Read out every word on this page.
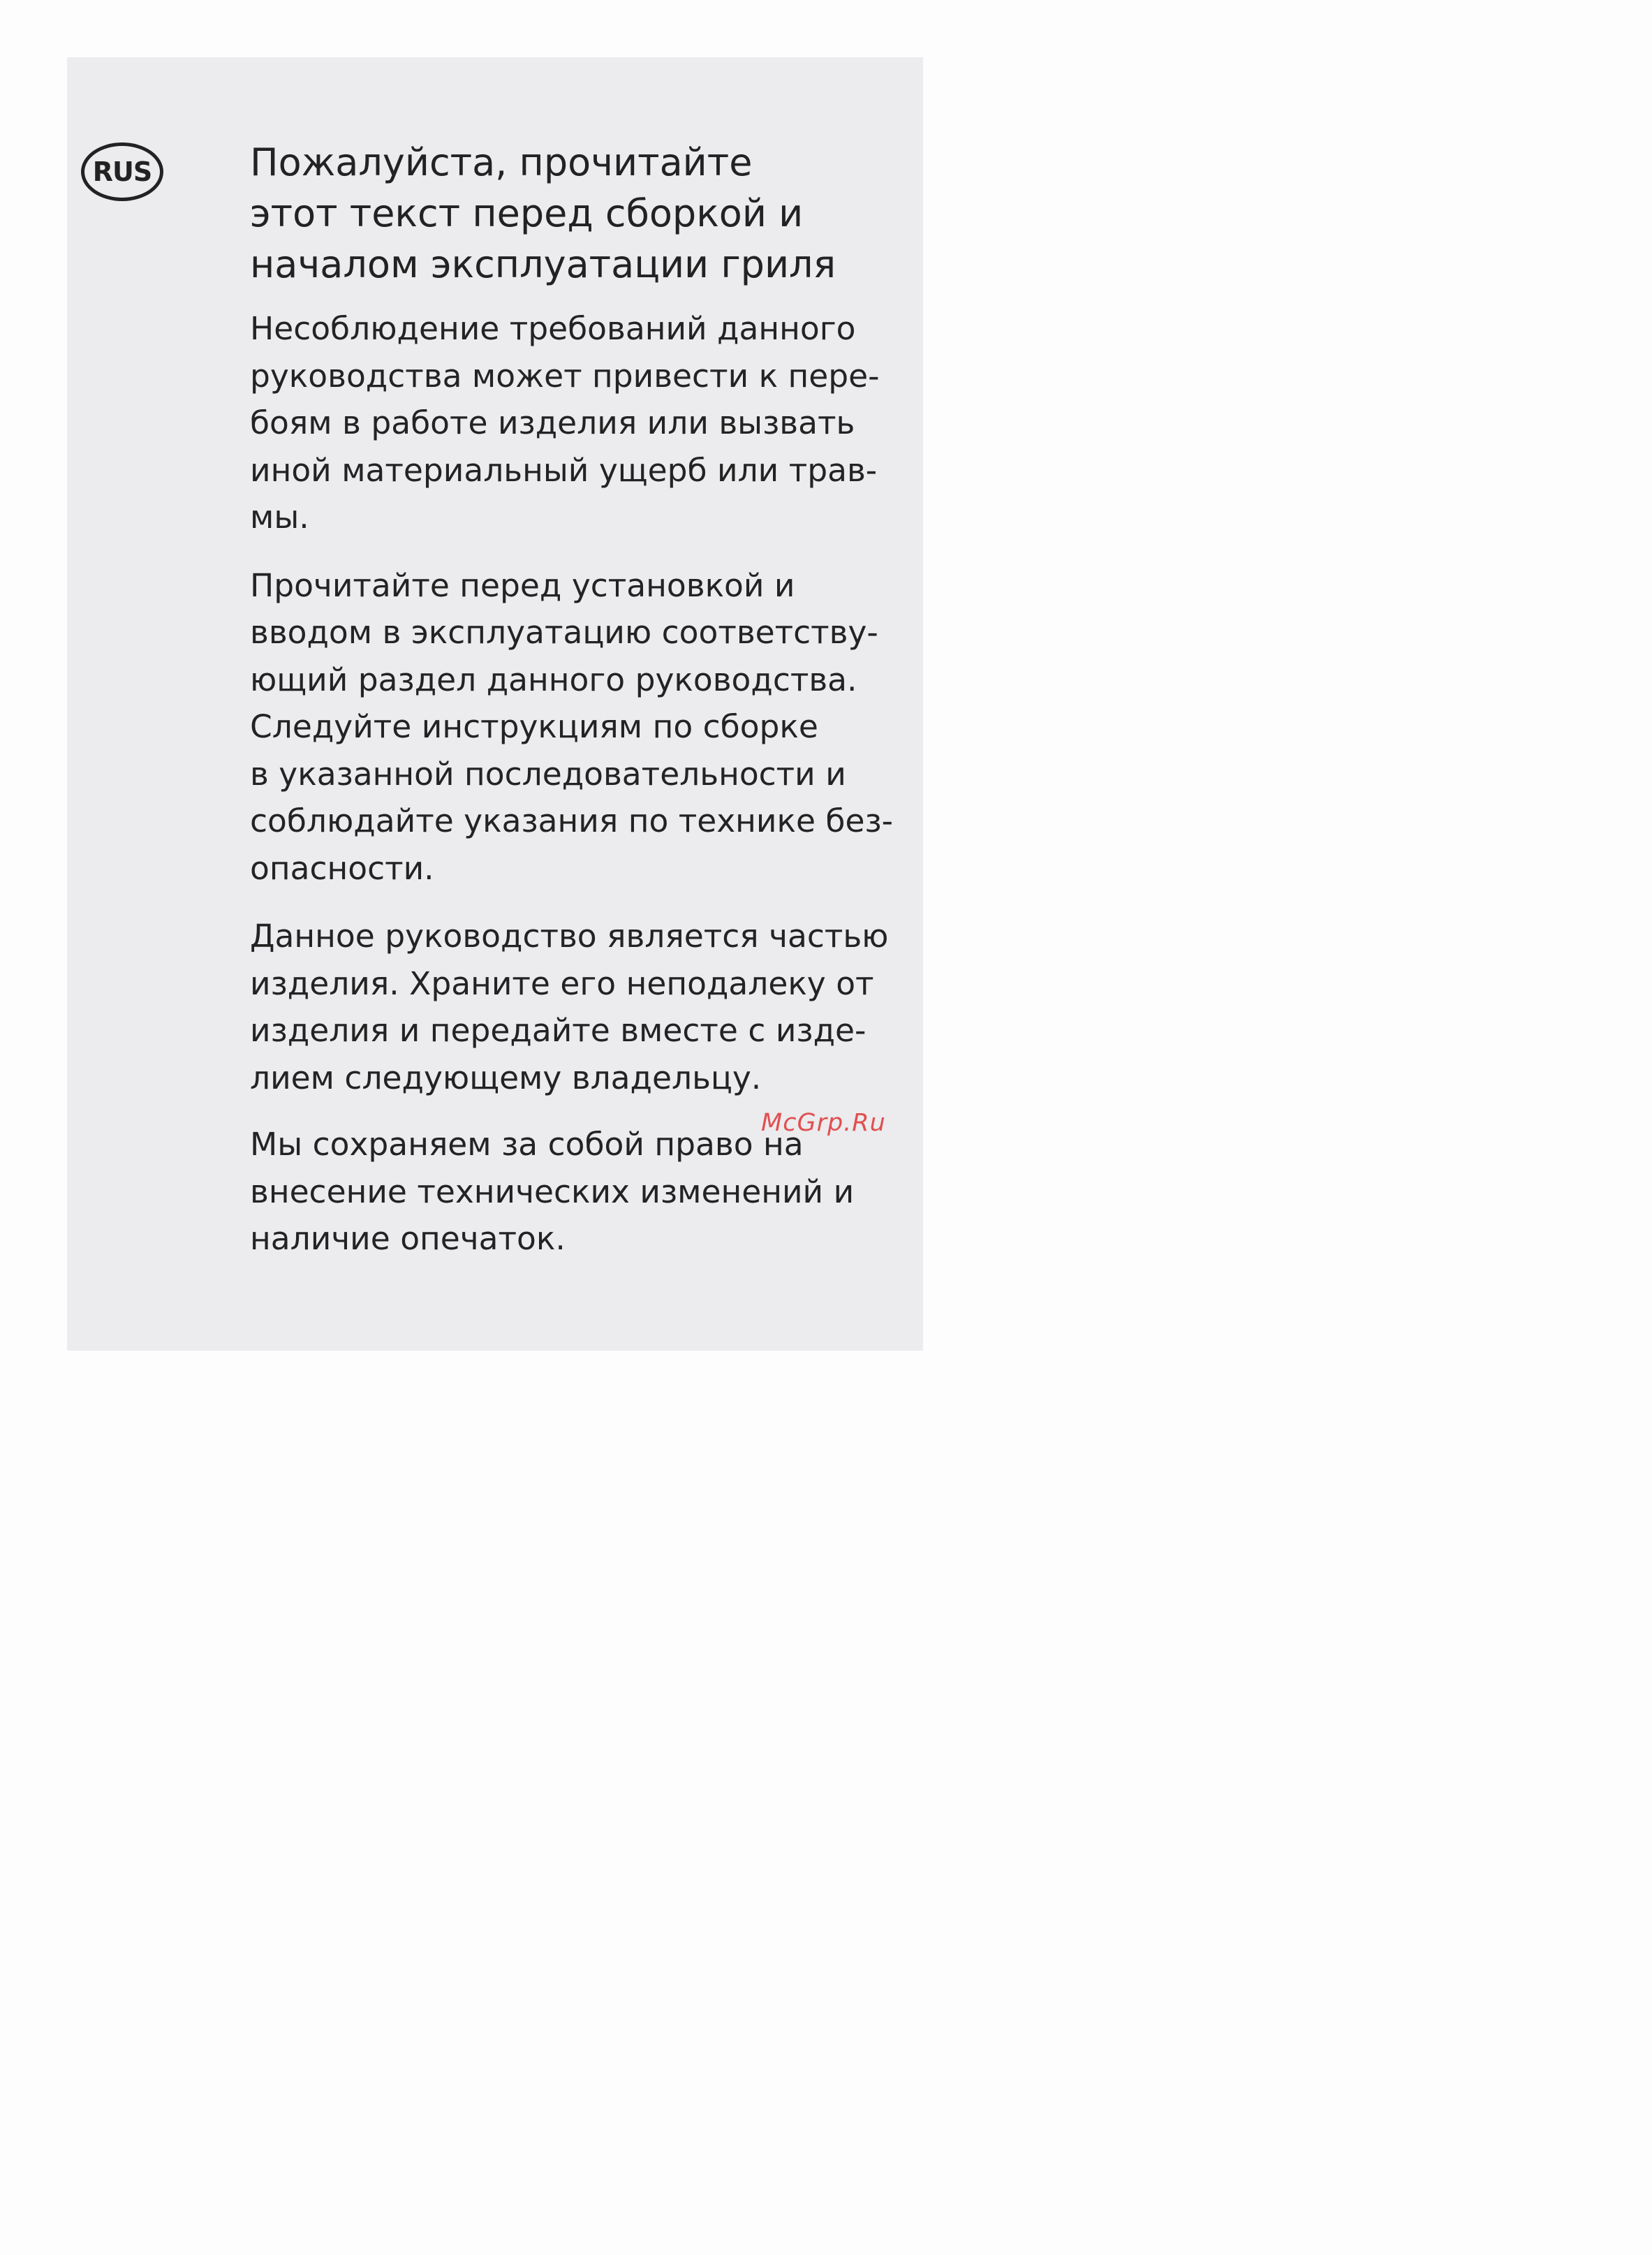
RUS	Пожалуйста, прочитайте
этот текст перед сборкой и
началом эксплуатации гриля

Несоблюдение требований данного
руководства может привести к пере-
боям в работе изделия или вызвать
иной материальный ущерб или трав-
мы.

Прочитайте перед установкой и
вводом в эксплуатацию соответству-
ющий раздел данного руководства.
Следуйте инструкциям по сборке
в указанной последовательности и
соблюдайте указания по технике без-
опасности.

Данное руководство является частью
изделия. Храните его неподалеку от
изделия и передайте вместе с изде-
лием следующему владельцу.

Мы сохраняем за собой право на
внесение технических изменений и
наличие опечаток.

McGrp.Ru
